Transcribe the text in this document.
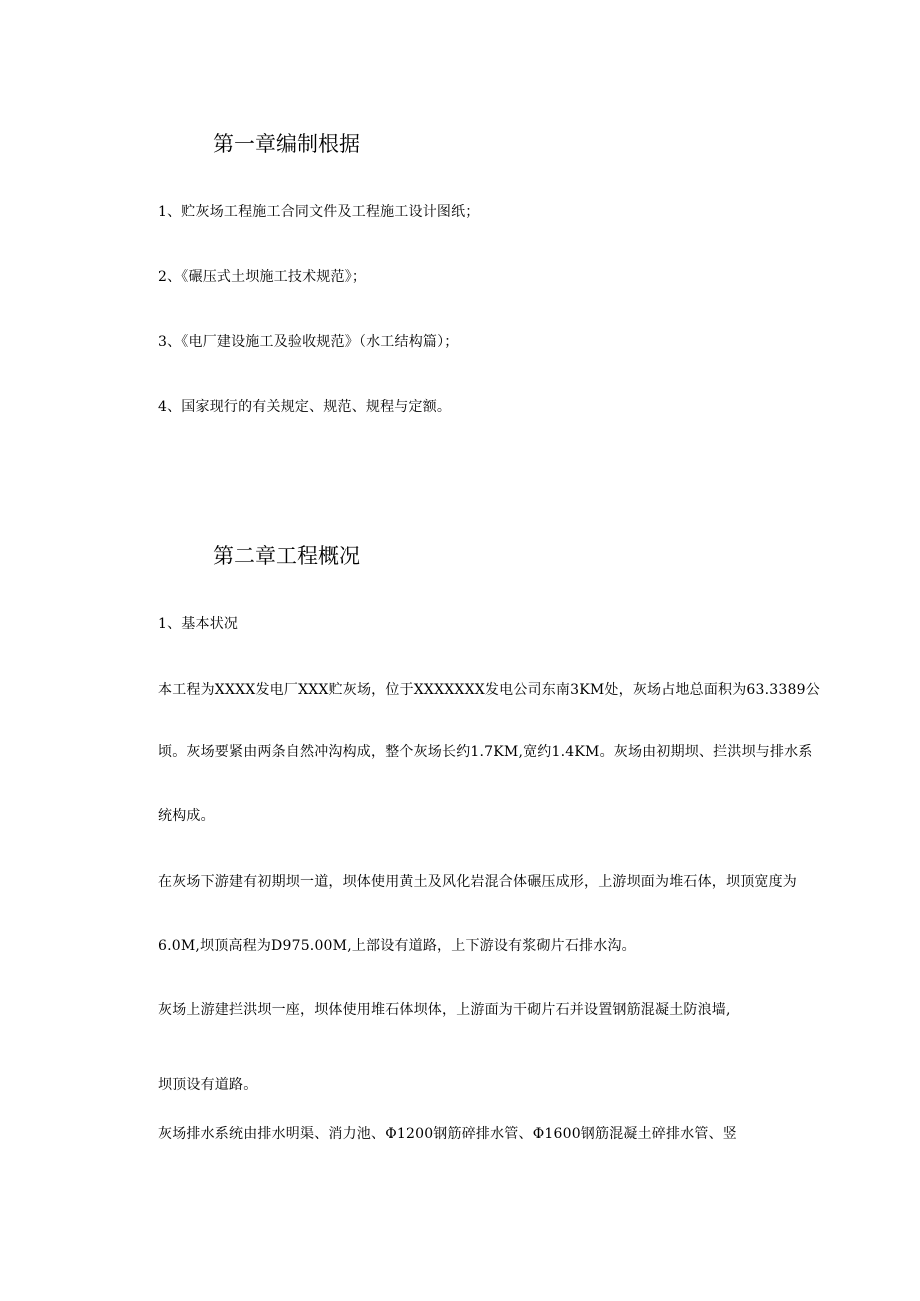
第一章编制根据

1、贮灰场工程施工合同文件及工程施工设计图纸；

2、《碾压式土坝施工技术规范》；

3、《电厂建设施工及验收规范》（水工结构篇）；

4、国家现行的有关规定、规范、规程与定额。

第二章工程概况

1、基本状况

本工程为XXXX发电厂XXX贮灰场，位于XXXXXXX发电公司东南3KM处，灰场占地总面积为63.3389公

顷。灰场要紧由两条自然冲沟构成，整个灰场长约1.7KM,宽约1.4KM。灰场由初期坝、拦洪坝与排水系

统构成。

在灰场下游建有初期坝一道，坝体使用黄土及风化岩混合体碾压成形，上游坝面为堆石体，坝顶宽度为

6.0M,坝顶高程为D975.00M,上部设有道路，上下游设有浆砌片石排水沟。

灰场上游建拦洪坝一座，坝体使用堆石体坝体，上游面为干砌片石并设置钢筋混凝土防浪墙,

坝顶设有道路。

灰场排水系统由排水明渠、消力池、Φ1200钢筋碎排水管、Φ1600钢筋混凝土碎排水管、竖
